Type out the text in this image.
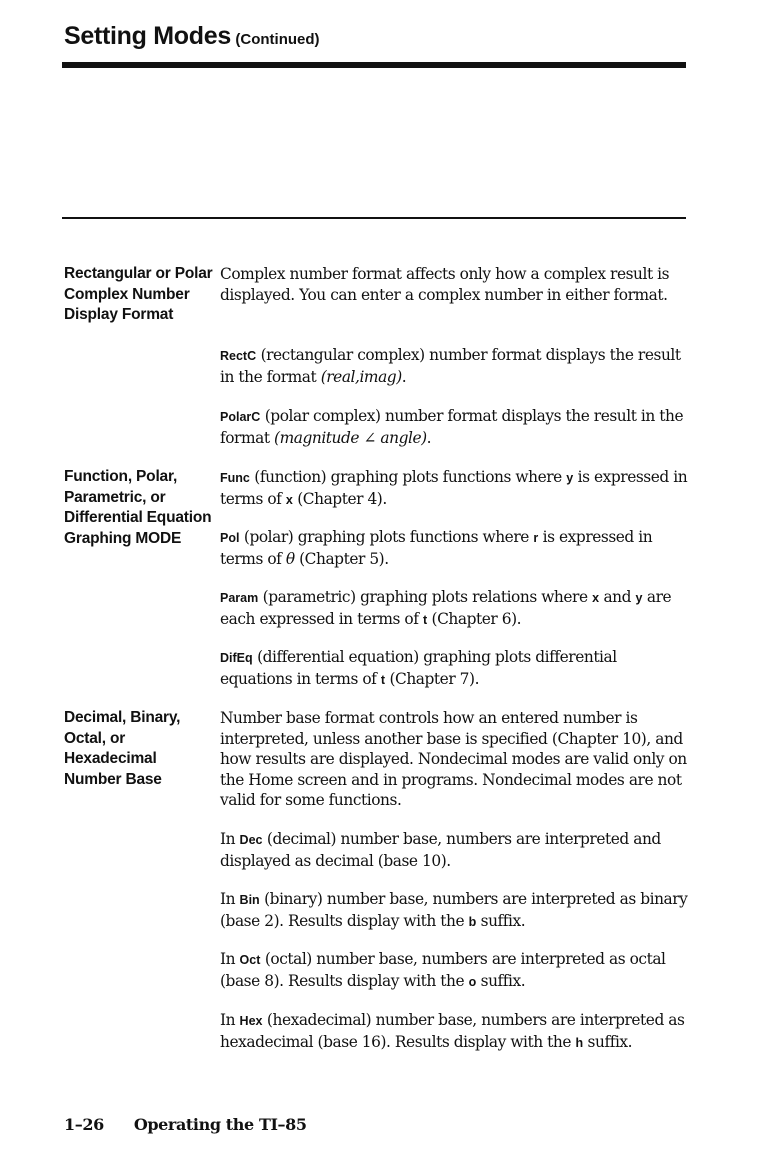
Setting Modes (Continued)
Rectangular or Polar Complex Number Display Format
Complex number format affects only how a complex result is displayed. You can enter a complex number in either format.
RectC (rectangular complex) number format displays the result in the format (real,imag).
PolarC (polar complex) number format displays the result in the format (magnitude ∠ angle).
Function, Polar, Parametric, or Differential Equation Graphing MODE
Func (function) graphing plots functions where y is expressed in terms of x (Chapter 4).
Pol (polar) graphing plots functions where r is expressed in terms of θ (Chapter 5).
Param (parametric) graphing plots relations where x and y are each expressed in terms of t (Chapter 6).
DifEq (differential equation) graphing plots differential equations in terms of t (Chapter 7).
Decimal, Binary, Octal, or Hexadecimal Number Base
Number base format controls how an entered number is interpreted, unless another base is specified (Chapter 10), and how results are displayed. Nondecimal modes are valid only on the Home screen and in programs. Nondecimal modes are not valid for some functions.
In Dec (decimal) number base, numbers are interpreted and displayed as decimal (base 10).
In Bin (binary) number base, numbers are interpreted as binary (base 2). Results display with the b suffix.
In Oct (octal) number base, numbers are interpreted as octal (base 8). Results display with the o suffix.
In Hex (hexadecimal) number base, numbers are interpreted as hexadecimal (base 16). Results display with the h suffix.
1–26 Operating the TI–85
